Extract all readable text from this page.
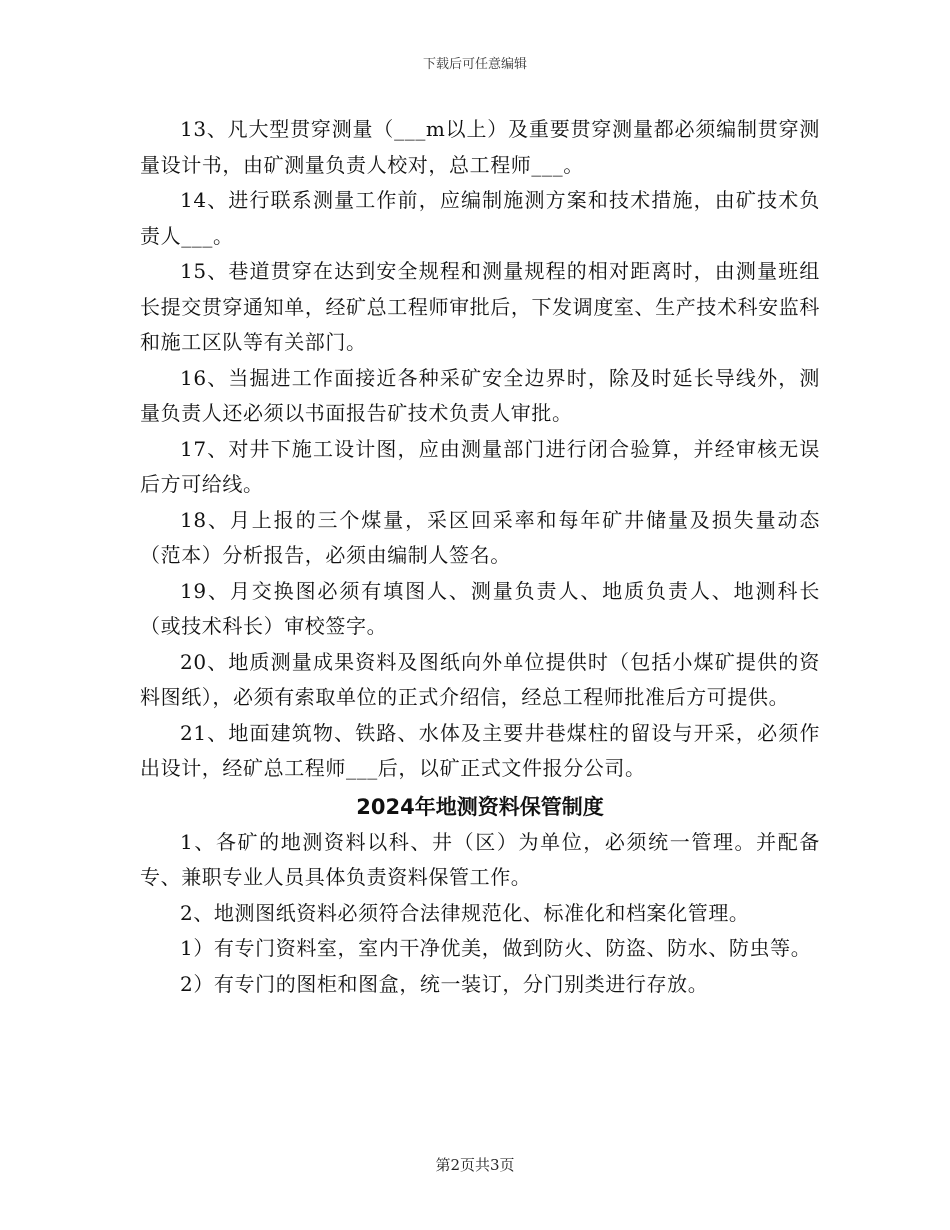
下载后可任意编辑

13、凡大型贯穿测量（___m以上）及重要贯穿测量都必须编制贯穿测量设计书，由矿测量负责人校对，总工程师___。

14、进行联系测量工作前，应编制施测方案和技术措施，由矿技术负责人___。

15、巷道贯穿在达到安全规程和测量规程的相对距离时，由测量班组长提交贯穿通知单，经矿总工程师审批后，下发调度室、生产技术科安监科和施工区队等有关部门。

16、当掘进工作面接近各种采矿安全边界时，除及时延长导线外，测量负责人还必须以书面报告矿技术负责人审批。

17、对井下施工设计图，应由测量部门进行闭合验算，并经审核无误后方可给线。

18、月上报的三个煤量，采区回采率和每年矿井储量及损失量动态（范本）分析报告，必须由编制人签名。

19、月交换图必须有填图人、测量负责人、地质负责人、地测科长（或技术科长）审校签字。

20、地质测量成果资料及图纸向外单位提供时（包括小煤矿提供的资料图纸），必须有索取单位的正式介绍信，经总工程师批准后方可提供。

21、地面建筑物、铁路、水体及主要井巷煤柱的留设与开采，必须作出设计，经矿总工程师___后，以矿正式文件报分公司。

2024年地测资料保管制度

1、各矿的地测资料以科、井（区）为单位，必须统一管理。并配备专、兼职专业人员具体负责资料保管工作。

2、地测图纸资料必须符合法律规范化、标准化和档案化管理。

1）有专门资料室，室内干净优美，做到防火、防盗、防水、防虫等。

2）有专门的图柜和图盒，统一装订，分门别类进行存放。

第2页共3页
